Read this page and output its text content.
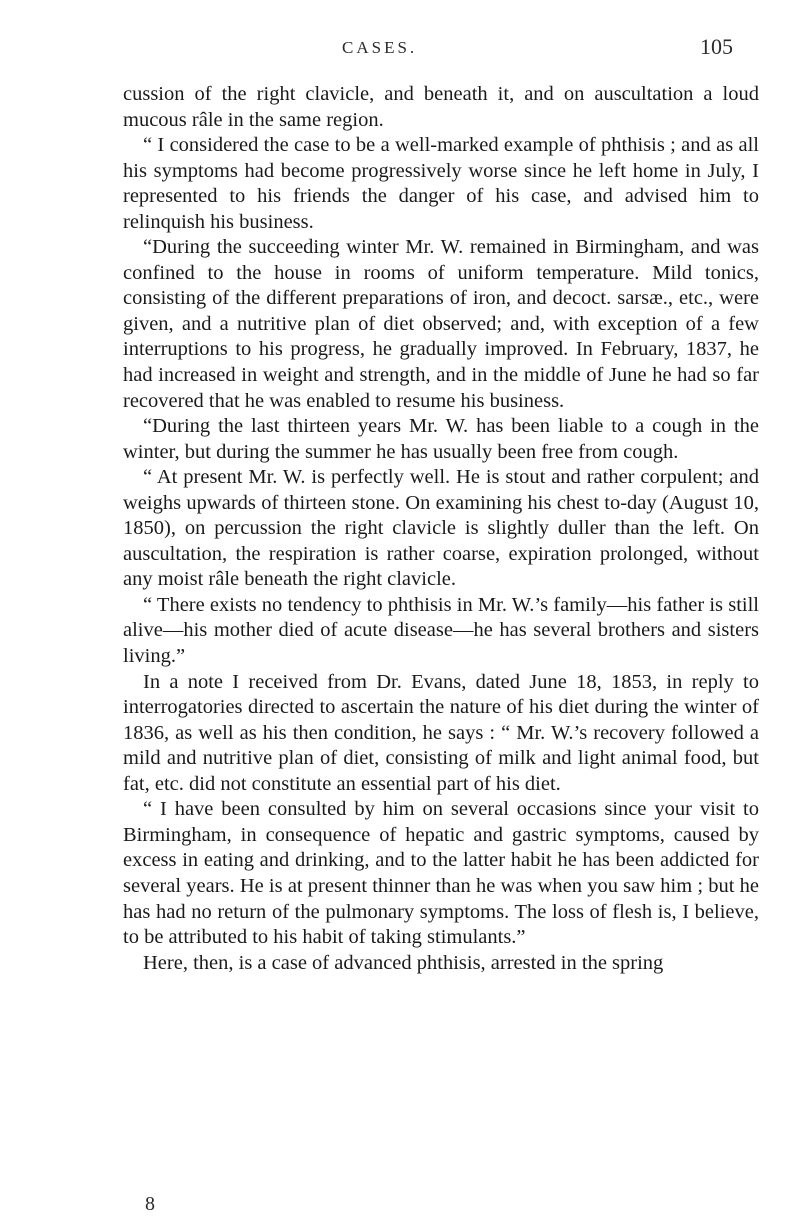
CASES.	105

cussion of the right clavicle, and beneath it, and on auscultation a loud mucous râle in the same region.

“ I considered the case to be a well-marked example of phthisis ; and as all his symptoms had become progressively worse since he left home in July, I represented to his friends the danger of his case, and advised him to relinquish his business.

“During the succeeding winter Mr. W. remained in Birmingham, and was confined to the house in rooms of uniform temperature. Mild tonics, consisting of the different preparations of iron, and decoct. sarsæ., etc., were given, and a nutritive plan of diet observed; and, with exception of a few interruptions to his progress, he gradually improved. In February, 1837, he had increased in weight and strength, and in the middle of June he had so far recovered that he was enabled to resume his business.

“During the last thirteen years Mr. W. has been liable to a cough in the winter, but during the summer he has usually been free from cough.

“ At present Mr. W. is perfectly well. He is stout and rather corpulent; and weighs upwards of thirteen stone. On examining his chest to-day (August 10, 1850), on percussion the right clavicle is slightly duller than the left. On auscultation, the respiration is rather coarse, expiration prolonged, without any moist râle beneath the right clavicle.

“ There exists no tendency to phthisis in Mr. W.’s family—his father is still alive—his mother died of acute disease—he has several brothers and sisters living.”

In a note I received from Dr. Evans, dated June 18, 1853, in reply to interrogatories directed to ascertain the nature of his diet during the winter of 1836, as well as his then condition, he says : “ Mr. W.’s recovery followed a mild and nutritive plan of diet, consisting of milk and light animal food, but fat, etc. did not constitute an essential part of his diet.

“ I have been consulted by him on several occasions since your visit to Birmingham, in consequence of hepatic and gastric symptoms, caused by excess in eating and drinking, and to the latter habit he has been addicted for several years. He is at present thinner than he was when you saw him ; but he has had no return of the pulmonary symptoms. The loss of flesh is, I believe, to be attributed to his habit of taking stimulants.”

Here, then, is a case of advanced phthisis, arrested in the spring

8
